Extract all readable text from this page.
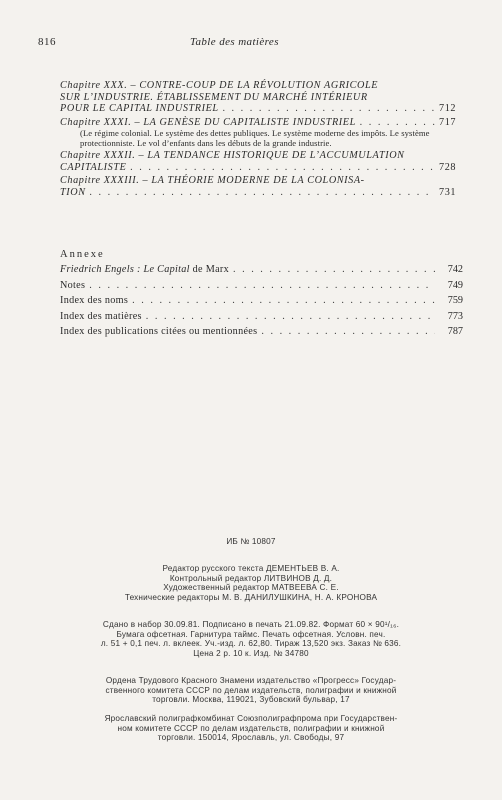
816	Table des matières
Chapitre XXX. – CONTRE-COUP DE LA RÉVOLUTION AGRICOLE
SUR L’INDUSTRIE. ÉTABLISSEMENT DU MARCHÉ INTÉRIEUR
POUR LE CAPITAL INDUSTRIEL . . .	712
Chapitre XXXI. – LA GENÈSE DU CAPITALISTE INDUSTRIEL . . .	717
(Le régime colonial. Le système des dettes publiques. Le système moderne des impôts. Le système protectionniste. Le vol d’enfants dans les débuts de la grande industrie.
Chapitre XXXII. – LA TENDANCE HISTORIQUE DE L’ACCUMULATION
CAPITALISTE . . .	728
Chapitre XXXIII. – LA THÉORIE MODERNE DE LA COLONISA-
TION . . .	731
Annexe
Friedrich Engels : Le Capital de Marx . . .	742
Notes . . .	749
Index des noms . . .	759
Index des matières . . .	773
Index des publications citées ou mentionnées . . .	787
ИБ № 10807
Редактор русского текста ДЕМЕНТЬЕВ В. А.
Контрольный редактор ЛИТВИНОВ Д. Д.
Художественный редактор МАТВЕЕВА С. Е.
Технические редакторы М. В. ДАНИЛУШКИНА, Н. А. КРОНОВА
Сдано в набор 30.09.81. Подписано в печать 21.09.82. Формат 60 × 90¹/₁₆.
Бумага офсетная. Гарнитура таймс. Печать офсетная. Условн. печ.
л. 51 + 0,1 печ. л. вклеек. Уч.-изд. л. 62,80. Тираж 13,520 экз. Заказ № 636.
Цена 2 р. 10 к. Изд. № 34780
Ордена Трудового Красного Знамени издательство «Прогресс» Государ-
ственного комитета СССР по делам издательств, полиграфии и книжной
торговли. Москва, 119021, Зубовский бульвар, 17
Ярославский полиграфкомбинат Союзполиграфпрома при Государствен-
ном комитете СССР по делам издательств, полиграфии и книжной
торговли. 150014, Ярославль, ул. Свободы, 97
